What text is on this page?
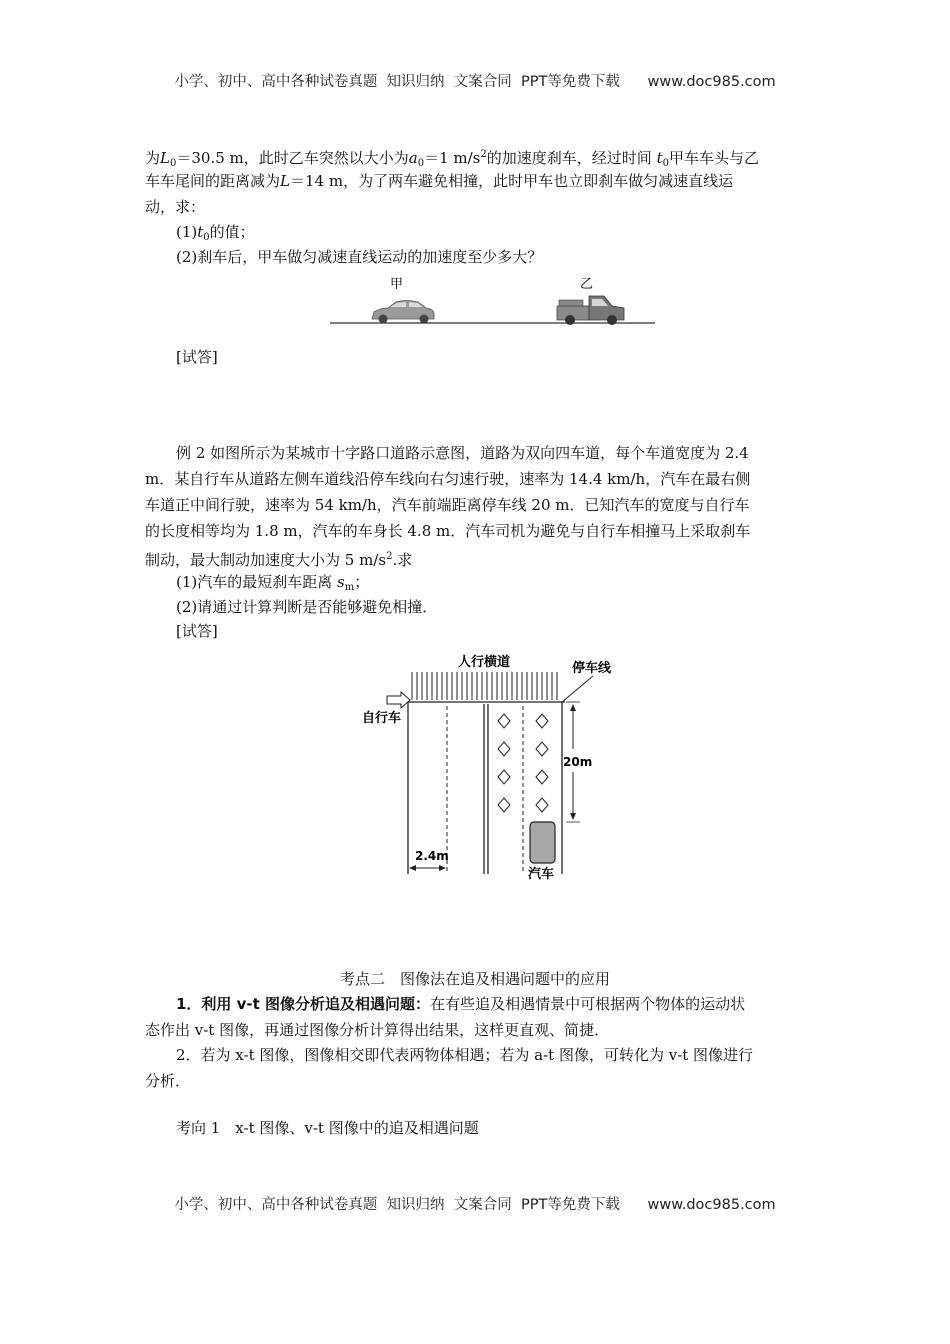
小学、初中、高中各种试卷真题  知识归纳  文案合同  PPT等免费下载 www.doc985.com
为$L_0=30.5$ m，此时乙车突然以大小为$a_0=1$ $m/s^2$的加速度刹车，经过时间 $t_0$甲车车头与乙
车车尾间的距离减为L＝14 m，为了两车避免相撞，此时甲车也立即刹车做匀减速直线运
动，求：
$(1)t_0$的值；
(2)刹车后，甲车做匀减速直线运动的加速度至少多大？
甲	乙
[试答]
例 2 如图所示为某城市十字路口道路示意图，道路为双向四车道，每个车道宽度为 2.4
m．某自行车从道路左侧车道线沿停车线向右匀速行驶，速率为 14.4 km/h，汽车在最右侧
车道正中间行驶，速率为 54 km/h，汽车前端距离停车线 20 m．已知汽车的宽度与自行车
的长度相等均为 1.8 m，汽车的车身长 4.8 m．汽车司机为避免与自行车相撞马上采取刹车
制动，最大制动加速度大小为 5 $m/s^2$.求
(1)汽车的最短刹车距离 $s_m$；
(2)请通过计算判断是否能够避免相撞．
[试答]
人行横道	停车线
自行车
汽车
20m
2.4m
考点二　图像法在追及相遇问题中的应用
1．利用 v-t 图像分析追及相遇问题：在有些追及相遇情景中可根据两个物体的运动状
态作出 v-t 图像，再通过图像分析计算得出结果，这样更直观、简捷．
2．若为 x-t 图像，图像相交即代表两物体相遇；若为 a-t 图像，可转化为 v-t 图像进行
分析．
考向 1　x-t 图像、v-t 图像中的追及相遇问题
小学、初中、高中各种试卷真题  知识归纳  文案合同  PPT等免费下载 www.doc985.com
